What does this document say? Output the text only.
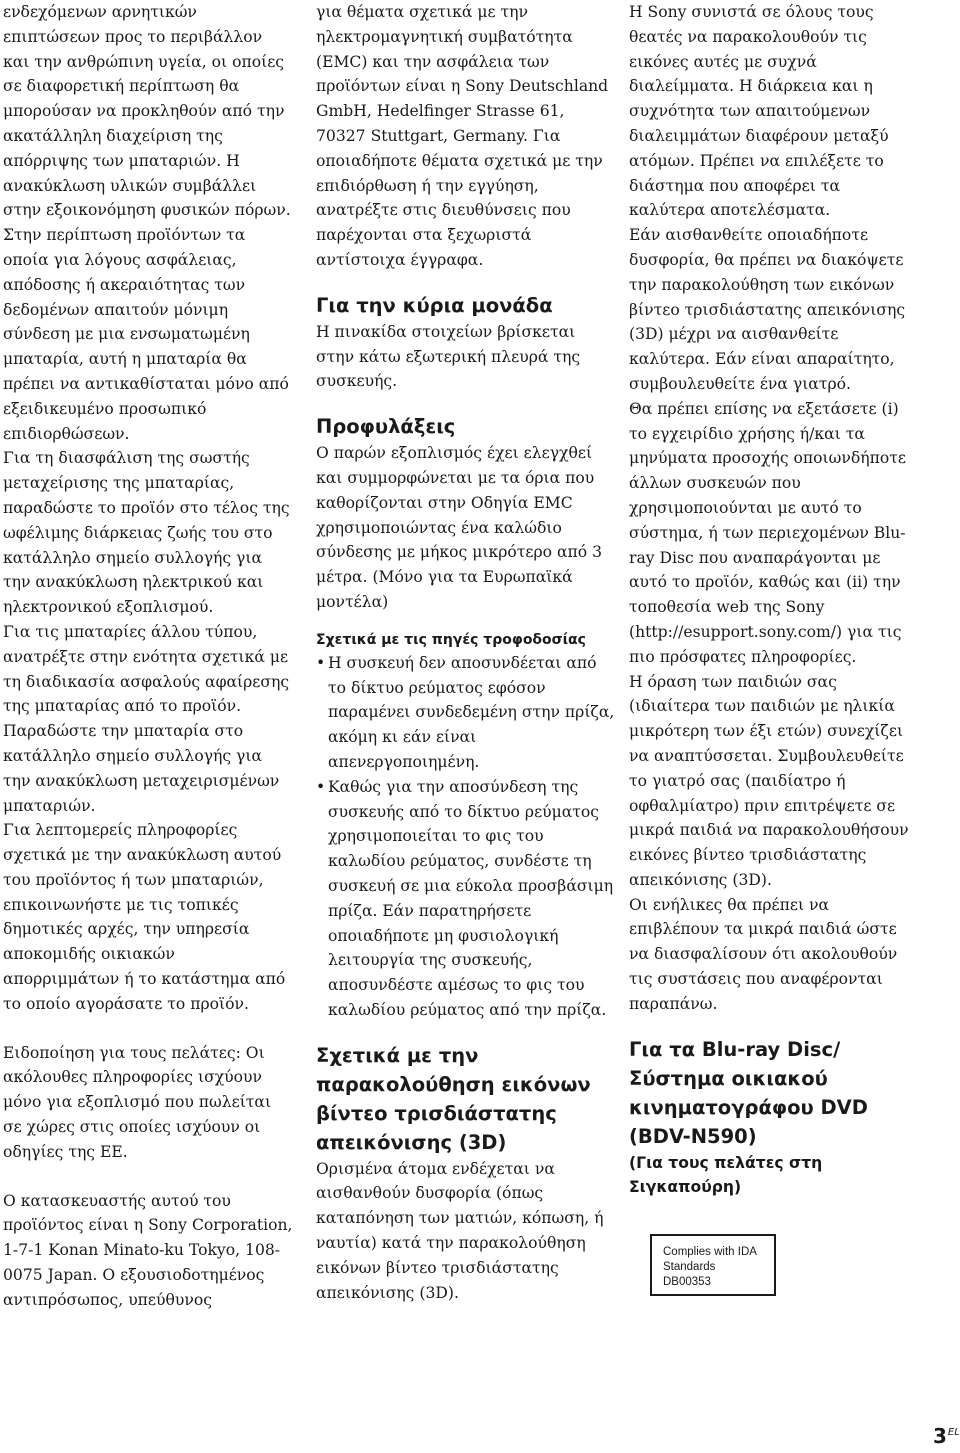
ενδεχόμενων αρνητικών επιπτώσεων προς το περιβάλλον και την ανθρώπινη υγεία, οι οποίες σε διαφορετική περίπτωση θα μπορούσαν να προκληθούν από την ακατάλληλη διαχείριση της απόρριψης των μπαταριών. Η ανακύκλωση υλικών συμβάλλει στην εξοικονόμηση φυσικών πόρων.

Στην περίπτωση προϊόντων τα οποία για λόγους ασφάλειας, απόδοσης ή ακεραιότητας των δεδομένων απαιτούν μόνιμη σύνδεση με μια ενσωματωμένη μπαταρία, αυτή η μπαταρία θα πρέπει να αντικαθίσταται μόνο από εξειδικευμένο προσωπικό επιδιορθώσεων.

Για τη διασφάλιση της σωστής μεταχείρισης της μπαταρίας, παραδώστε το προϊόν στο τέλος της ωφέλιμης διάρκειας ζωής του στο κατάλληλο σημείο συλλογής για την ανακύκλωση ηλεκτρικού και ηλεκτρονικού εξοπλισμού.

Για τις μπαταρίες άλλου τύπου, ανατρέξτε στην ενότητα σχετικά με τη διαδικασία ασφαλούς αφαίρεσης της μπαταρίας από το προϊόν.

Παραδώστε την μπαταρία στο κατάλληλο σημείο συλλογής για την ανακύκλωση μεταχειρισμένων μπαταριών.

Για λεπτομερείς πληροφορίες σχετικά με την ανακύκλωση αυτού του προϊόντος ή των μπαταριών, επικοινωνήστε με τις τοπικές δημοτικές αρχές, την υπηρεσία αποκομιδής οικιακών απορριμμάτων ή το κατάστημα από το οποίο αγοράσατε το προϊόν.

Ειδοποίηση για τους πελάτες: Οι ακόλουθες πληροφορίες ισχύουν μόνο για εξοπλισμό που πωλείται σε χώρες στις οποίες ισχύουν οι οδηγίες της ΕΕ.

Ο κατασκευαστής αυτού του προϊόντος είναι η Sony Corporation, 1-7-1 Konan Minato-ku Tokyo, 108-0075 Japan. Ο εξουσιοδοτημένος αντιπρόσωπος, υπεύθυνος

για θέματα σχετικά με την ηλεκτρομαγνητική συμβατότητα (EMC) και την ασφάλεια των προϊόντων είναι η Sony Deutschland GmbH, Hedelfinger Strasse 61, 70327 Stuttgart, Germany. Για οποιαδήποτε θέματα σχετικά με την επιδιόρθωση ή την εγγύηση, ανατρέξτε στις διευθύνσεις που παρέχονται στα ξεχωριστά αντίστοιχα έγγραφα.

Για την κύρια μονάδα

Η πινακίδα στοιχείων βρίσκεται στην κάτω εξωτερική πλευρά της συσκευής.

Προφυλάξεις

Ο παρών εξοπλισμός έχει ελεγχθεί και συμμορφώνεται με τα όρια που καθορίζονται στην Οδηγία EMC χρησιμοποιώντας ένα καλώδιο σύνδεσης με μήκος μικρότερο από 3 μέτρα. (Μόνο για τα Ευρωπαϊκά μοντέλα)

Σχετικά με τις πηγές τροφοδοσίας
• Η συσκευή δεν αποσυνδέεται από το δίκτυο ρεύματος εφόσον παραμένει συνδεδεμένη στην πρίζα, ακόμη κι εάν είναι απενεργοποιημένη.
• Καθώς για την αποσύνδεση της συσκευής από το δίκτυο ρεύματος χρησιμοποιείται το φις του καλωδίου ρεύματος, συνδέστε τη συσκευή σε μια εύκολα προσβάσιμη πρίζα. Εάν παρατηρήσετε οποιαδήποτε μη φυσιολογική λειτουργία της συσκευής, αποσυνδέστε αμέσως το φις του καλωδίου ρεύματος από την πρίζα.
Σχετικά με την παρακολούθηση εικόνων βίντεο τρισδιάστατης απεικόνισης (3D)

Ορισμένα άτομα ενδέχεται να αισθανθούν δυσφορία (όπως καταπόνηση των ματιών, κόπωση, ή ναυτία) κατά την παρακολούθηση εικόνων βίντεο τρισδιάστατης απεικόνισης (3D).

Η Sony συνιστά σε όλους τους θεατές να παρακολουθούν τις εικόνες αυτές με συχνά διαλείμματα. Η διάρκεια και η συχνότητα των απαιτούμενων διαλειμμάτων διαφέρουν μεταξύ ατόμων. Πρέπει να επιλέξετε το διάστημα που αποφέρει τα καλύτερα αποτελέσματα.

Εάν αισθανθείτε οποιαδήποτε δυσφορία, θα πρέπει να διακόψετε την παρακολούθηση των εικόνων βίντεο τρισδιάστατης απεικόνισης (3D) μέχρι να αισθανθείτε καλύτερα. Εάν είναι απαραίτητο, συμβουλευθείτε ένα γιατρό.

Θα πρέπει επίσης να εξετάσετε (i) το εγχειρίδιο χρήσης ή/και τα μηνύματα προσοχής οποιωνδήποτε άλλων συσκευών που χρησιμοποιούνται με αυτό το σύστημα, ή των περιεχομένων Blu-ray Disc που αναπαράγονται με αυτό το προϊόν, καθώς και (ii) την τοποθεσία web της Sony (http://esupport.sony.com/) για τις πιο πρόσφατες πληροφορίες.

Η όραση των παιδιών σας (ιδιαίτερα των παιδιών με ηλικία μικρότερη των έξι ετών) συνεχίζει να αναπτύσσεται. Συμβουλευθείτε το γιατρό σας (παιδίατρο ή οφθαλμίατρο) πριν επιτρέψετε σε μικρά παιδιά να παρακολουθήσουν εικόνες βίντεο τρισδιάστατης απεικόνισης (3D).

Οι ενήλικες θα πρέπει να επιβλέπουν τα μικρά παιδιά ώστε να διασφαλίσουν ότι ακολουθούν τις συστάσεις που αναφέρονται παραπάνω.

Για τα Blu-ray Disc/ Σύστημα οικιακού κινηματογράφου DVD (BDV-N590)
(Για τους πελάτες στη Σιγκαπούρη)
Complies with IDA
Standards
DB00353
$3^{EL}$
